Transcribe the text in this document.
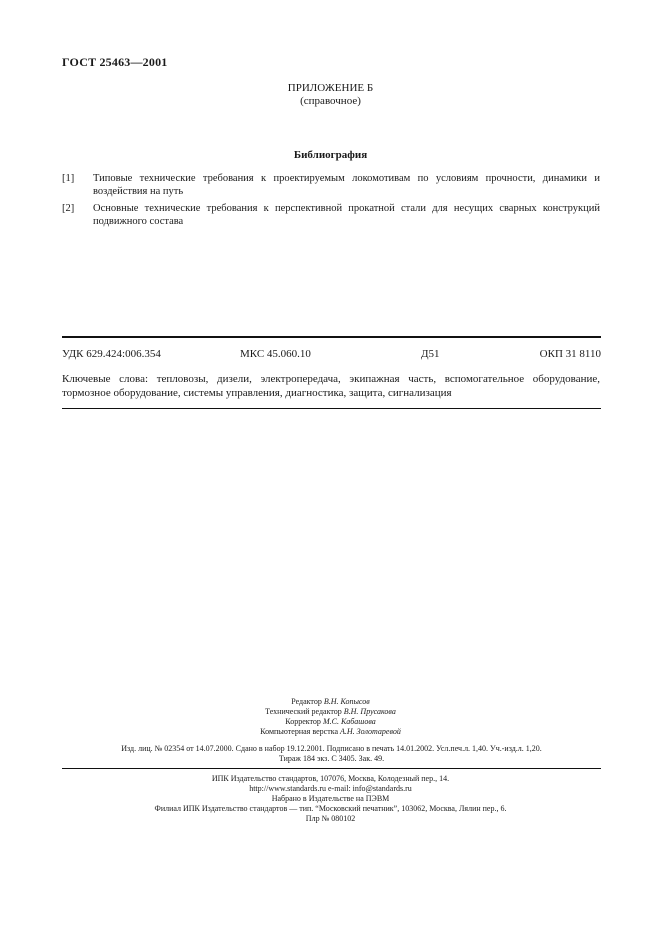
ГОСТ 25463—2001
ПРИЛОЖЕНИЕ Б
(справочное)
Библиография
[1]	Типовые технические требования к проектируемым локомотивам по условиям прочности, динамики и воздействия на путь
[2]	Основные технические требования к перспективной прокатной стали для несущих сварных конструкций подвижного состава
УДК 629.424:006.354	МКС 45.060.10	Д51	ОКП 31 8110
Ключевые слова: тепловозы, дизели, электропередача, экипажная часть, вспомогательное оборудование, тормозное оборудование, системы управления, диагностика, защита, сигнализация
Редактор В.Н. Копысов
Технический редактор В.Н. Прусакова
Корректор М.С. Кабашова
Компьютерная верстка А.Н. Золотаревой
Изд. лиц. № 02354 от 14.07.2000. Сдано в набор 19.12.2001. Подписано в печать 14.01.2002. Усл.печ.л. 1,40. Уч.-изд.л. 1,20.
Тираж 184 экз. С 3405. Зак. 49.
ИПК Издательство стандартов, 107076, Москва, Колодезный пер., 14.
http://www.standards.ru e-mail: info@standards.ru
Набрано в Издательстве на ПЭВМ
Филиал ИПК Издательство стандартов — тип. “Московский печатник”, 103062, Москва, Лялин пер., 6.
Плр № 080102
